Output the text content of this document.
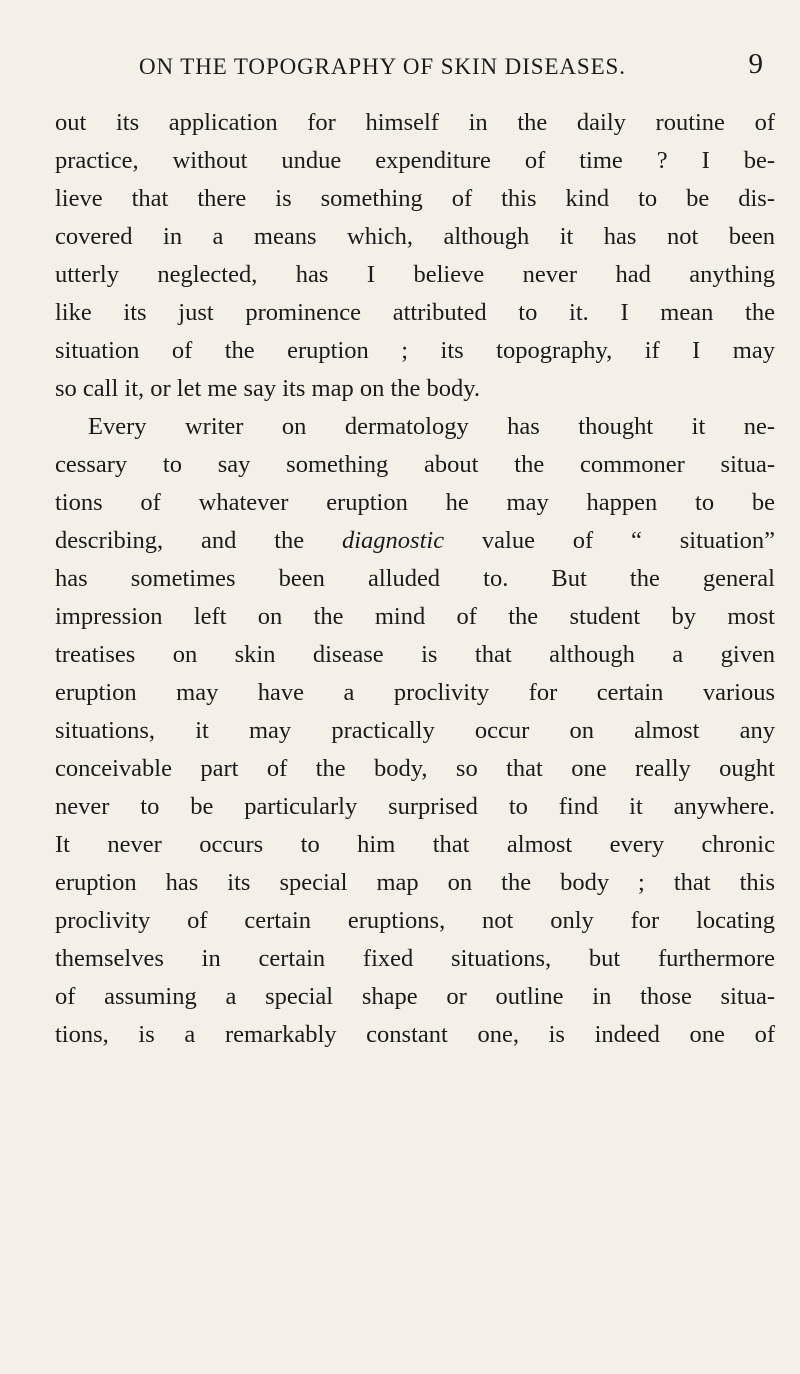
ON THE TOPOGRAPHY OF SKIN DISEASES.	9
out its application for himself in the daily routine of
practice, without undue expenditure of time ? I be-
lieve that there is something of this kind to be dis-
covered in a means which, although it has not been
utterly neglected, has I believe never had anything
like its just prominence attributed to it. I mean the
situation of the eruption ; its topography, if I may
so call it, or let me say its map on the body.
Every writer on dermatology has thought it ne-
cessary to say something about the commoner situa-
tions of whatever eruption he may happen to be
describing, and the diagnostic value of “ situation”
has sometimes been alluded to. But the general
impression left on the mind of the student by most
treatises on skin disease is that although a given
eruption may have a proclivity for certain various
situations, it may practically occur on almost any
conceivable part of the body, so that one really ought
never to be particularly surprised to find it anywhere.
It never occurs to him that almost every chronic
eruption has its special map on the body ; that this
proclivity of certain eruptions, not only for locating
themselves in certain fixed situations, but furthermore
of assuming a special shape or outline in those situa-
tions, is a remarkably constant one, is indeed one of
